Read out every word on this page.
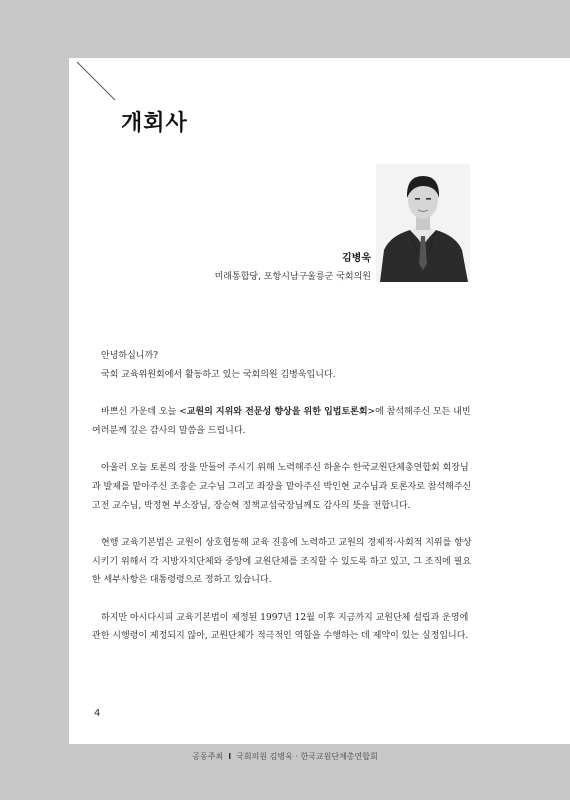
개회사
김병욱
미래통합당, 포항시남구울릉군 국회의원

안녕하십니까?

국회 교육위원회에서 활동하고 있는 국회의원 김병욱입니다.

바쁘신 가운데 오늘 <교원의 지위와 전문성 향상을 위한 입법토론회>에 참석해주신 모든 내빈 여러분께 깊은 감사의 말씀을 드립니다.

아울러 오늘 토론의 장을 만들어 주시기 위해 노력해주신 하윤수 한국교원단체총연합회 회장님과 발제를 맡아주신 조흥순 교수님 그리고 좌장을 맡아주신 박인현 교수님과 토론자로 참석해주신 고전 교수님, 박정현 부소장님, 장승혁 정책교섭국장님께도 감사의 뜻을 전합니다.

현행 교육기본법은 교원이 상호협동해 교육 진흥에 노력하고 교원의 경제적·사회적 지위를 향상시키기 위해서 각 지방자치단체와 중앙에 교원단체를 조직할 수 있도록 하고 있고, 그 조직에 필요한 세부사항은 대통령령으로 정하고 있습니다.

하지만 아시다시피 교육기본법이 제정된 1997년 12월 이후 지금까지 교원단체 설립과 운영에 관한 시행령이 제정되지 않아, 교원단체가 적극적인 역할을 수행하는 데 제약이 있는 실정입니다.

4
공동주최 I 국회의원 김병욱 · 한국교원단체총연합회
